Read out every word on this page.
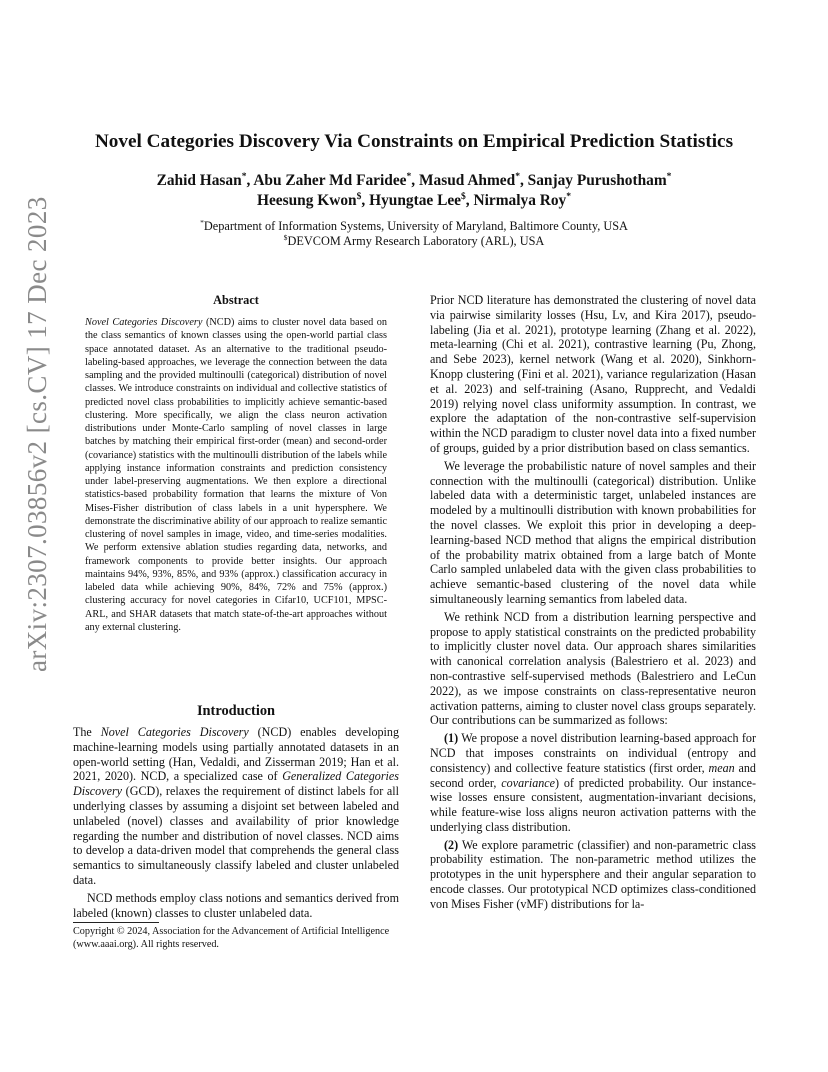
arXiv:2307.03856v2 [cs.CV] 17 Dec 2023
Novel Categories Discovery Via Constraints on Empirical Prediction Statistics
Zahid Hasan*, Abu Zaher Md Faridee*, Masud Ahmed*, Sanjay Purushotham*
Heesung Kwon$, Hyungtae Lee$, Nirmalya Roy*
*Department of Information Systems, University of Maryland, Baltimore County, USA
$DEVCOM Army Research Laboratory (ARL), USA
Abstract

Novel Categories Discovery (NCD) aims to cluster novel data based on the class semantics of known classes using the open-world partial class space annotated dataset. As an alternative to the traditional pseudo-labeling-based approaches, we leverage the connection between the data sampling and the provided multinoulli (categorical) distribution of novel classes. We introduce constraints on individual and collective statistics of predicted novel class probabilities to implicitly achieve semantic-based clustering. More specifically, we align the class neuron activation distributions under Monte-Carlo sampling of novel classes in large batches by matching their empirical first-order (mean) and second-order (covariance) statistics with the multinoulli distribution of the labels while applying instance information constraints and prediction consistency under label-preserving augmentations. We then explore a directional statistics-based probability formation that learns the mixture of Von Mises-Fisher distribution of class labels in a unit hypersphere. We demonstrate the discriminative ability of our approach to realize semantic clustering of novel samples in image, video, and time-series modalities. We perform extensive ablation studies regarding data, networks, and framework components to provide better insights. Our approach maintains 94%, 93%, 85%, and 93% (approx.) classification accuracy in labeled data while achieving 90%, 84%, 72% and 75% (approx.) clustering accuracy for novel categories in Cifar10, UCF101, MPSC-ARL, and SHAR datasets that match state-of-the-art approaches without any external clustering.

Introduction

The Novel Categories Discovery (NCD) enables developing machine-learning models using partially annotated datasets in an open-world setting (Han, Vedaldi, and Zisserman 2019; Han et al. 2021, 2020). NCD, a specialized case of Generalized Categories Discovery (GCD), relaxes the requirement of distinct labels for all underlying classes by assuming a disjoint set between labeled and unlabeled (novel) classes and availability of prior knowledge regarding the number and distribution of novel classes. NCD aims to develop a data-driven model that comprehends the general class semantics to simultaneously classify labeled and cluster unlabeled data.

NCD methods employ class notions and semantics derived from labeled (known) classes to cluster unlabeled data.

Copyright © 2024, Association for the Advancement of Artificial Intelligence (www.aaai.org). All rights reserved.

Prior NCD literature has demonstrated the clustering of novel data via pairwise similarity losses (Hsu, Lv, and Kira 2017), pseudo-labeling (Jia et al. 2021), prototype learning (Zhang et al. 2022), meta-learning (Chi et al. 2021), contrastive learning (Pu, Zhong, and Sebe 2023), kernel network (Wang et al. 2020), Sinkhorn-Knopp clustering (Fini et al. 2021), variance regularization (Hasan et al. 2023) and self-training (Asano, Rupprecht, and Vedaldi 2019) relying novel class uniformity assumption. In contrast, we explore the adaptation of the non-contrastive self-supervision within the NCD paradigm to cluster novel data into a fixed number of groups, guided by a prior distribution based on class semantics.

We leverage the probabilistic nature of novel samples and their connection with the multinoulli (categorical) distribution. Unlike labeled data with a deterministic target, unlabeled instances are modeled by a multinoulli distribution with known probabilities for the novel classes. We exploit this prior in developing a deep-learning-based NCD method that aligns the empirical distribution of the probability matrix obtained from a large batch of Monte Carlo sampled unlabeled data with the given class probabilities to achieve semantic-based clustering of the novel data while simultaneously learning semantics from labeled data.

We rethink NCD from a distribution learning perspective and propose to apply statistical constraints on the predicted probability to implicitly cluster novel data. Our approach shares similarities with canonical correlation analysis (Balestriero et al. 2023) and non-contrastive self-supervised methods (Balestriero and LeCun 2022), as we impose constraints on class-representative neuron activation patterns, aiming to cluster novel class groups separately. Our contributions can be summarized as follows:

(1) We propose a novel distribution learning-based approach for NCD that imposes constraints on individual (entropy and consistency) and collective feature statistics (first order, mean and second order, covariance) of predicted probability. Our instance-wise losses ensure consistent, augmentation-invariant decisions, while feature-wise loss aligns neuron activation patterns with the underlying class distribution.

(2) We explore parametric (classifier) and non-parametric class probability estimation. The non-parametric method utilizes the prototypes in the unit hypersphere and their angular separation to encode classes. Our prototypical NCD optimizes class-conditioned von Mises Fisher (vMF) distributions for la-
